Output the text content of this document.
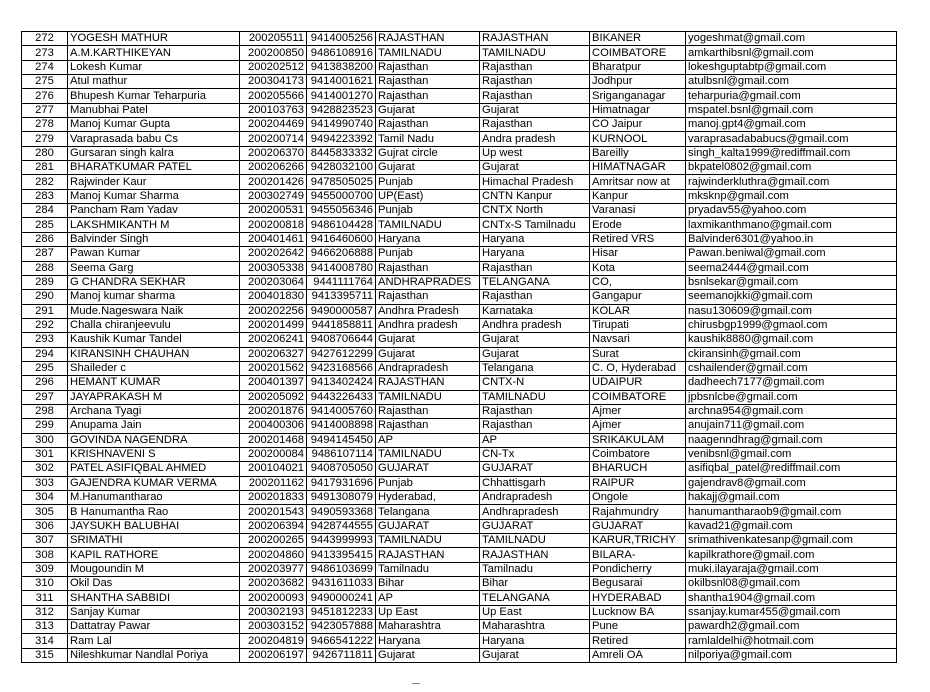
272	YOGESH MATHUR	200205511	9414005256	RAJASTHAN	RAJASTHAN	BIKANER	yogeshmat@gmail.com
273	A.M.KARTHIKEYAN	200200850	9486108916	TAMILNADU	TAMILNADU	COIMBATORE	amkarthibsnl@gmail.com
274	Lokesh Kumar	200202512	9413838200	Rajasthan	Rajasthan	Bharatpur	lokeshguptabtp@gmail.com
275	Atul mathur	200304173	9414001621	Rajasthan	Rajasthan	Jodhpur	atulbsnl@gmail.com
276	Bhupesh Kumar Teharpuria	200205566	9414001270	Rajasthan	Rajasthan	Sriganganagar	teharpuria@gmail.com
277	Manubhai Patel	200103763	9428823523	Gujarat	Gujarat	Himatnagar	mspatel.bsnl@gmail.com
278	Manoj Kumar Gupta	200204469	9414990740	Rajasthan	Rajasthan	CO Jaipur	manoj.gpt4@gmail.com
279	Varaprasada babu Cs	200200714	9494223392	Tamil Nadu	Andra pradesh	KURNOOL	varaprasadababucs@gmail.com
280	Gursaran singh kalra	200206370	8445833332	Gujrat circle	Up west	Bareilly	singh_kalta1999@rediffmail.com
281	BHARATKUMAR PATEL	200206266	9428032100	Gujarat	Gujarat	HIMATNAGAR	bkpatel0802@gmail.com
282	Rajwinder Kaur	200201426	9478505025	Punjab	Himachal Pradesh	Amritsar now at	rajwinderkluthra@gmail.com
283	Manoj Kumar Sharma	200302749	9455000700	UP(East)	CNTN Kanpur	Kanpur	mksknp@gmail.com
284	Pancham Ram Yadav	200200531	9455056346	Punjab	CNTX North	Varanasi	pryadav55@yahoo.com
285	LAKSHMIKANTH M	200200818	9486104428	TAMILNADU	CNTx-S Tamilnadu	Erode	laxmikanthmano@gmail.com
286	Balvinder Singh	200401461	9416460600	Haryana	Haryana	Retired VRS	Balvinder6301@yahoo.in
287	Pawan Kumar	200202642	9466206888	Punjab	Haryana	Hisar	Pawan.beniwal@gmail.com
288	Seema Garg	200305338	9414008780	Rajasthan	Rajasthan	Kota	seema2444@gmail.com
289	G CHANDRA SEKHAR	200203064	9441111764	ANDHRAPRADES	TELANGANA	CO,	bsnlsekar@gmail.com
290	Manoj kumar sharma	200401830	9413395711	Rajasthan	Rajasthan	Gangapur	seemanojkki@gmail.com
291	Mude.Nageswara Naik	200202256	9490000587	Andhra Pradesh	Karnataka	KOLAR	nasu130609@gmail.com
292	Challa chiranjeevulu	200201499	9441858811	Andhra pradesh	Andhra pradesh	Tirupati	chirusbgp1999@gmaol.com
293	Kaushik Kumar Tandel	200206241	9408706644	Gujarat	Gujarat	Navsari	kaushik8880@gmail.com
294	KIRANSINH CHAUHAN	200206327	9427612299	Gujarat	Gujarat	Surat	ckiransinh@gmail.com
295	Shaileder c	200201562	9423168566	Andrapradesh	Telangana	C. O, Hyderabad	cshailender@gmail.com
296	HEMANT KUMAR	200401397	9413402424	RAJASTHAN	CNTX-N	UDAIPUR	dadheech7177@gmail.com
297	JAYAPRAKASH M	200205092	9443226433	TAMILNADU	TAMILNADU	COIMBATORE	jpbsnlcbe@gmail.com
298	Archana Tyagi	200201876	9414005760	Rajasthan	Rajasthan	Ajmer	archna954@gmail.com
299	Anupama Jain	200400306	9414008898	Rajasthan	Rajasthan	Ajmer	anujain711@gmail.com
300	GOVINDA NAGENDRA	200201468	9494145450	AP	AP	SRIKAKULAM	naagenndhrag@gmail.com
301	KRISHNAVENI S	200200084	9486107114	TAMILNADU	CN-Tx	Coimbatore	venibsnl@gmail.com
302	PATEL ASIFIQBAL AHMED	200104021	9408705050	GUJARAT	GUJARAT	BHARUCH	asifiqbal_patel@rediffmail.com
303	GAJENDRA KUMAR VERMA	200201162	9417931696	Punjab	Chhattisgarh	RAIPUR	gajendrav8@gmail.com
304	M.Hanumantharao	200201833	9491308079	Hyderabad,	Andrapradesh	Ongole	hakajj@gmail.com
305	B Hanumantha Rao	200201543	9490593368	Telangana	Andhrapradesh	Rajahmundry	hanumantharaob9@gmail.com
306	JAYSUKH BALUBHAI	200206394	9428744555	GUJARAT	GUJARAT	GUJARAT	kavad21@gmail.com
307	SRIMATHI	200200265	9443999993	TAMILNADU	TAMILNADU	KARUR,TRICHY	srimathivenkatesanp@gmail.com
308	KAPIL RATHORE	200204860	9413395415	RAJASTHAN	RAJASTHAN	BILARA-	kapilkrathore@gmail.com
309	Mougoundin M	200203977	9486103699	Tamilnadu	Tamilnadu	Pondicherry	muki.ilayaraja@gmail.com
310	Okil Das	200203682	9431611033	Bihar	Bihar	Begusarai	okilbsnl08@gmail.com
311	SHANTHA SABBIDI	200200093	9490000241	AP	TELANGANA	HYDERABAD	shantha1904@gmail.com
312	Sanjay Kumar	200302193	9451812233	Up East	Up East	Lucknow BA	ssanjay.kumar455@gmail.com
313	Dattatray Pawar	200303152	9423057888	Maharashtra	Maharashtra	Pune	pawardh2@gmail.com
314	Ram Lal	200204819	9466541222	Haryana	Haryana	Retired	ramlaldelhi@hotmail.com
315	Nileshkumar Nandlal Poriya	200206197	9426711811	Gujarat	Gujarat	Amreli OA	nilporiya@gmail.com
